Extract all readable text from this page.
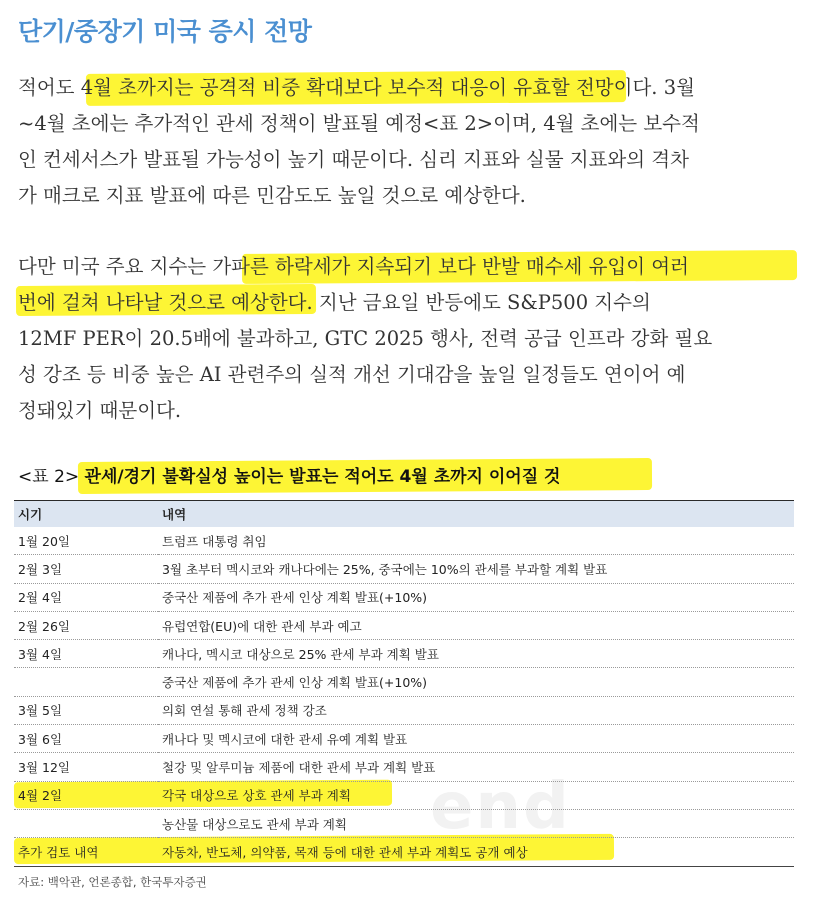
end
단기/중장기 미국 증시 전망
적어도 4월 초까지는 공격적 비중 확대보다 보수적 대응이 유효할 전망이다. 3월
~4월 초에는 추가적인 관세 정책이 발표될 예정<표 2>이며, 4월 초에는 보수적
인 컨세서스가 발표될 가능성이 높기 때문이다. 심리 지표와 실물 지표와의 격차
가 매크로 지표 발표에 따른 민감도도 높일 것으로 예상한다.
다만 미국 주요 지수는 가파른 하락세가 지속되기 보다 반발 매수세 유입이 여러
번에 걸쳐 나타날 것으로 예상한다. 지난 금요일 반등에도 S&P500 지수의
12MF PER이 20.5배에 불과하고, GTC 2025 행사, 전력 공급 인프라 강화 필요
성 강조 등 비중 높은 AI 관련주의 실적 개선 기대감을 높일 일정들도 연이어 예
정돼있기 때문이다.
<표 2> 관세/경기 불확실성 높이는 발표는 적어도 4월 초까지 이어질 것
시기	내역
1월 20일	트럼프 대통령 취임
2월 3일	3월 초부터 멕시코와 캐나다에는 25%, 중국에는 10%의 관세를 부과할 계획 발표
2월 4일	중국산 제품에 추가 관세 인상 계획 발표(+10%)
2월 26일	유럽연합(EU)에 대한 관세 부과 예고
3월 4일	캐나다, 멕시코 대상으로 25% 관세 부과 계획 발표
	중국산 제품에 추가 관세 인상 계획 발표(+10%)
3월 5일	의회 연설 통해 관세 정책 강조
3월 6일	캐나다 및 멕시코에 대한 관세 유예 계획 발표
3월 12일	철강 및 알루미늄 제품에 대한 관세 부과 계획 발표
4월 2일	각국 대상으로 상호 관세 부과 계획
	농산물 대상으로도 관세 부과 계획
추가 검토 내역	자동차, 반도체, 의약품, 목재 등에 대한 관세 부과 계획도 공개 예상
자료: 백악관, 언론종합, 한국투자증권
